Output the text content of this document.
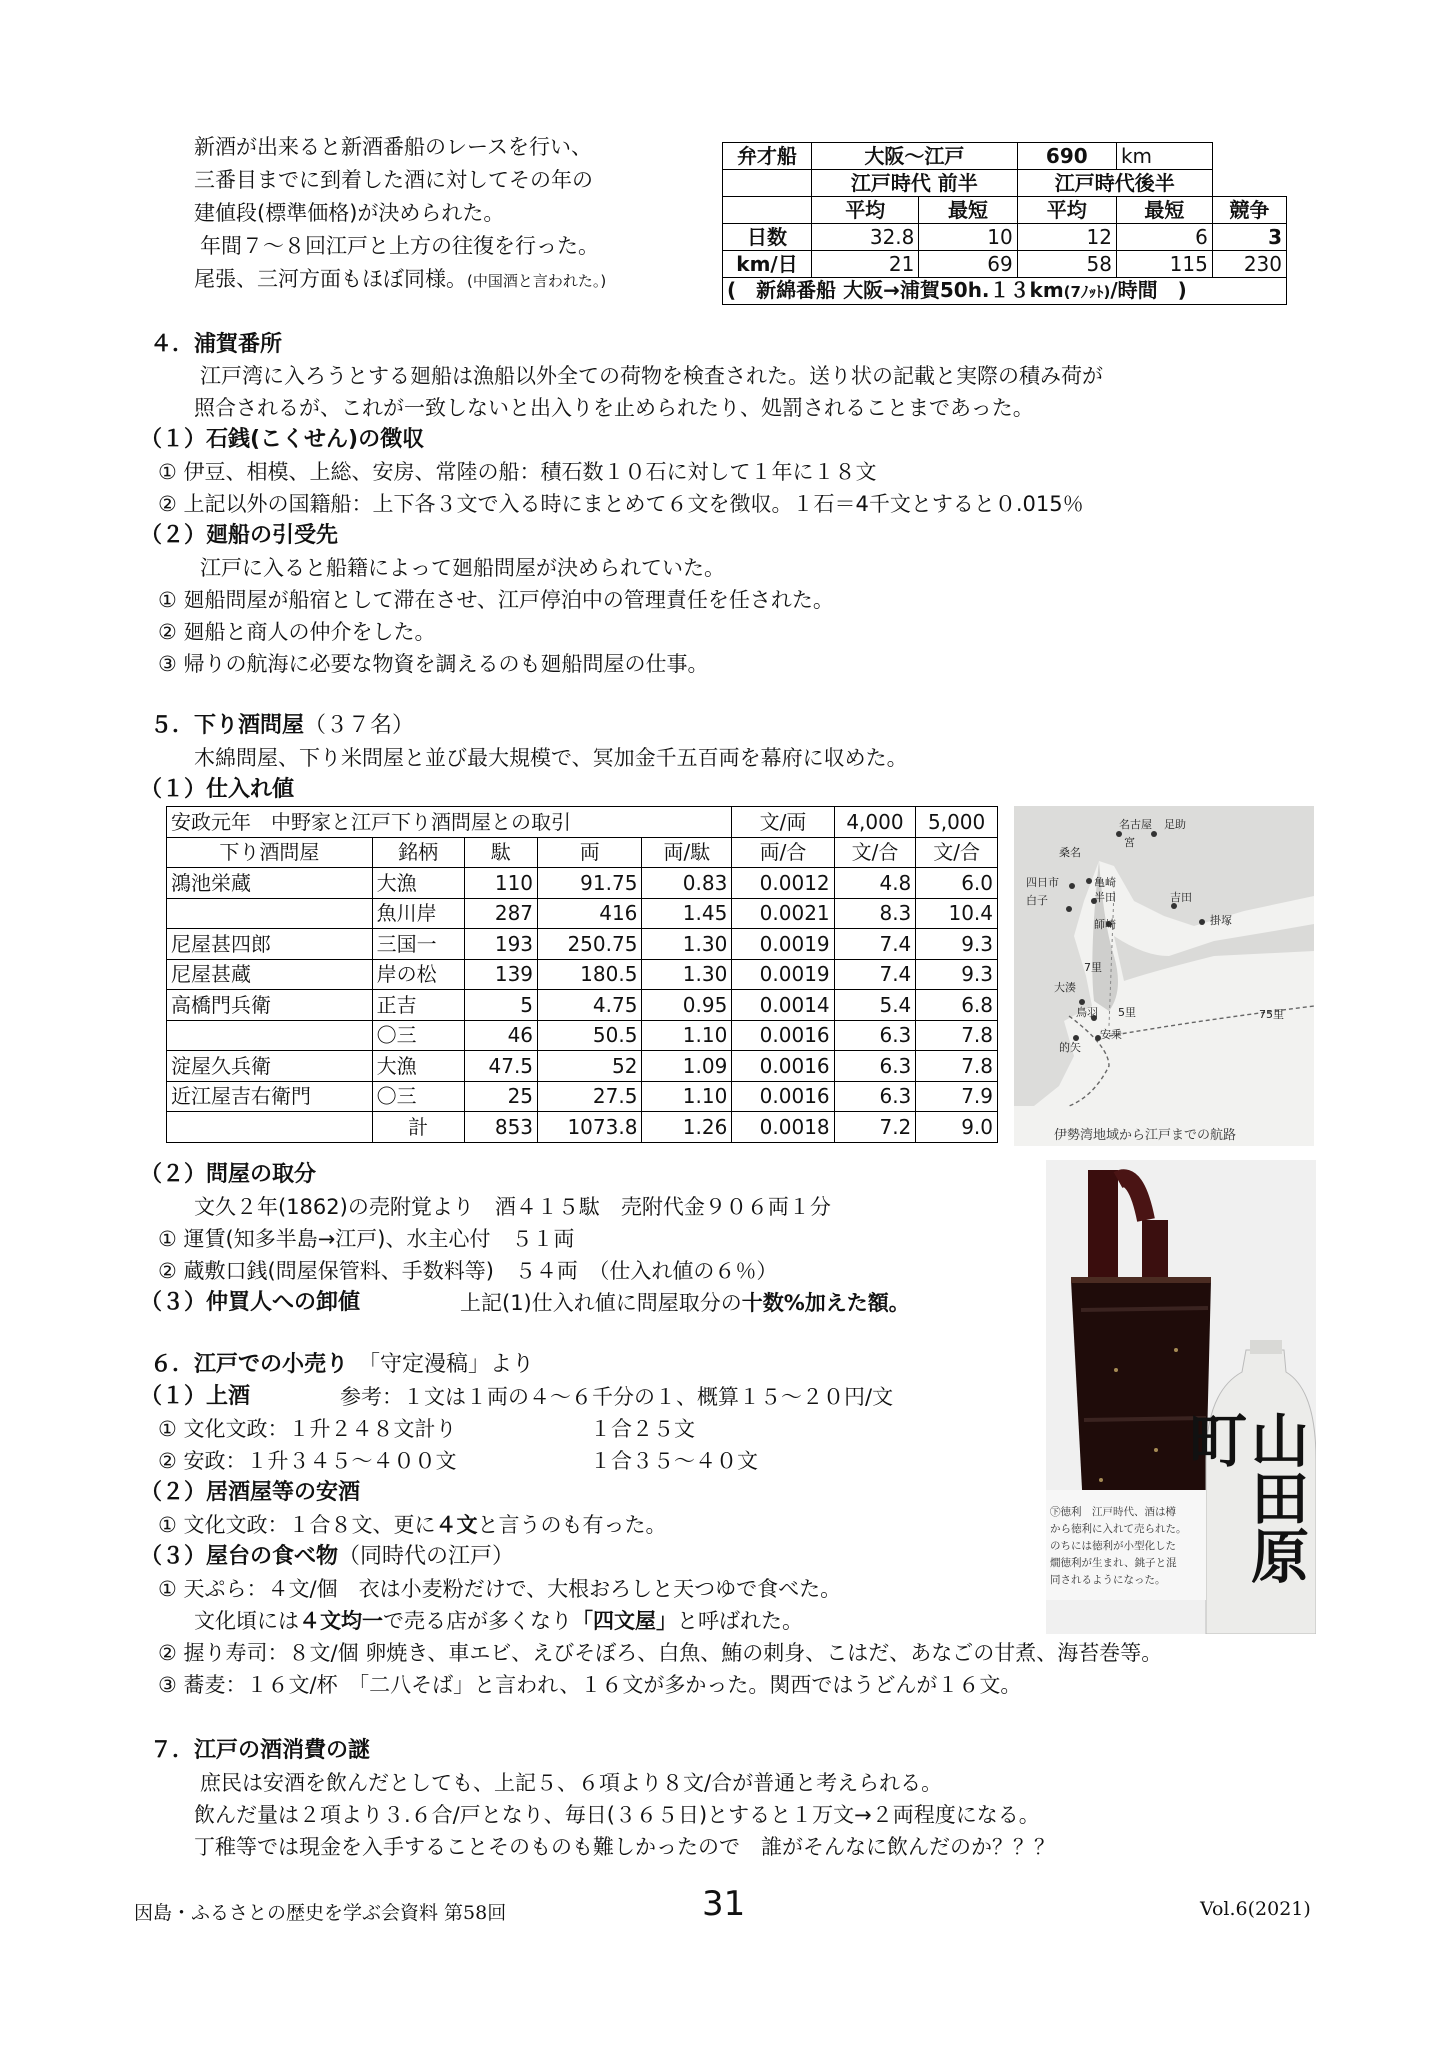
新酒が出来ると新酒番船のレースを行い、
三番目までに到着した酒に対してその年の
建値段(標準価格)が決められた。
年間７～８回江戸と上方の往復を行った。
尾張、三河方面もほぼ同様。(中国酒と言われた。)
弁才船	大阪～江戸		690	km	
	江戸時代 前半		江戸時代後半		
	平均	最短	平均	最短	競争
日数	32.8	10	12	6	3
km/日	21	69	58	115	230
(　新綿番船 大阪→浦賀50h.１３km(7ﾉｯﾄ)/時間　)					
４．浦賀番所
江戸湾に入ろうとする廻船は漁船以外全ての荷物を検査された。送り状の記載と実際の積み荷が
照合されるが、これが一致しないと出入りを止められたり、処罰されることまであった。
（１）石銭(こくせん)の徴収
① 伊豆、相模、上総、安房、常陸の船：積石数１０石に対して１年に１８文
② 上記以外の国籍船：上下各３文で入る時にまとめて６文を徴収。１石＝4千文とすると０.015％
（２）廻船の引受先
江戸に入ると船籍によって廻船問屋が決められていた。
① 廻船問屋が船宿として滞在させ、江戸停泊中の管理責任を任された。
② 廻船と商人の仲介をした。
③ 帰りの航海に必要な物資を調えるのも廻船問屋の仕事。
５．下り酒問屋（３７名）
木綿問屋、下り米問屋と並び最大規模で、冥加金千五百両を幕府に収めた。
（１）仕入れ値
安政元年　中野家と江戸下り酒問屋との取引					文/両	4,000	5,000
下り酒問屋	銘柄	駄	両	両/駄	両/合	文/合	文/合
鴻池栄蔵	大漁	110	91.75	0.83	0.0012	4.8	6.0
	魚川岸	287	416	1.45	0.0021	8.3	10.4
尼屋甚四郎	三国一	193	250.75	1.30	0.0019	7.4	9.3
尼屋甚蔵	岸の松	139	180.5	1.30	0.0019	7.4	9.3
高橋門兵衛	正吉	5	4.75	0.95	0.0014	5.4	6.8
	〇三	46	50.5	1.10	0.0016	6.3	7.8
淀屋久兵衛	大漁	47.5	52	1.09	0.0016	6.3	7.8
近江屋吉右衛門	〇三	25	27.5	1.10	0.0016	6.3	7.9
	計	853	1073.8	1.26	0.0018	7.2	9.0
名古屋 足助
宮
桑名
四日市
白子
亀崎
半田
師崎
吉田
掛塚
7里
大湊
鳥羽 5里
安乗
的矢
75里
伊勢湾地域から江戸までの航路
山田原町
㊦徳利　江戸時代、酒は樽
から徳利に入れて売られた。
のちには徳利が小型化した
燗徳利が生まれ、銚子と混
同されるようになった。
（２）問屋の取分
文久２年(1862)の売附覚より　酒４１５駄　売附代金９０６両１分
① 運賃(知多半島→江戸)、水主心付　５１両
② 蔵敷口銭(問屋保管料、手数料等)　５４両　（仕入れ値の６％）
（３）仲買人への卸値	上記(1)仕入れ値に問屋取分の十数%加えた額。
６．江戸での小売り 「守定漫稿」より
（１）上酒	参考：１文は１両の４～６千分の１、概算１５～２０円/文
① 文化文政：１升２４８文計り	１合２５文
② 安政：１升３４５～４００文	１合３５～４０文
（２）居酒屋等の安酒
① 文化文政：１合８文、更に４文と言うのも有った。
（３）屋台の食べ物（同時代の江戸）
① 天ぷら：４文/個　衣は小麦粉だけで、大根おろしと天つゆで食べた。
文化頃には４文均一で売る店が多くなり「四文屋」と呼ばれた。
② 握り寿司：８文/個 卵焼き、車エビ、えびそぼろ、白魚、鮪の刺身、こはだ、あなごの甘煮、海苔巻等。
③ 蕎麦：１６文/杯　「二八そば」と言われ、１６文が多かった。関西ではうどんが１６文。
７．江戸の酒消費の謎
庶民は安酒を飲んだとしても、上記５、６項より８文/合が普通と考えられる。
飲んだ量は２項より３.６合/戸となり、毎日(３６５日)とすると１万文→２両程度になる。
丁稚等では現金を入手することそのものも難しかったので　誰がそんなに飲んだのか？？？
因島・ふるさとの歴史を学ぶ会資料 第58回	31	Vol.6(2021)
